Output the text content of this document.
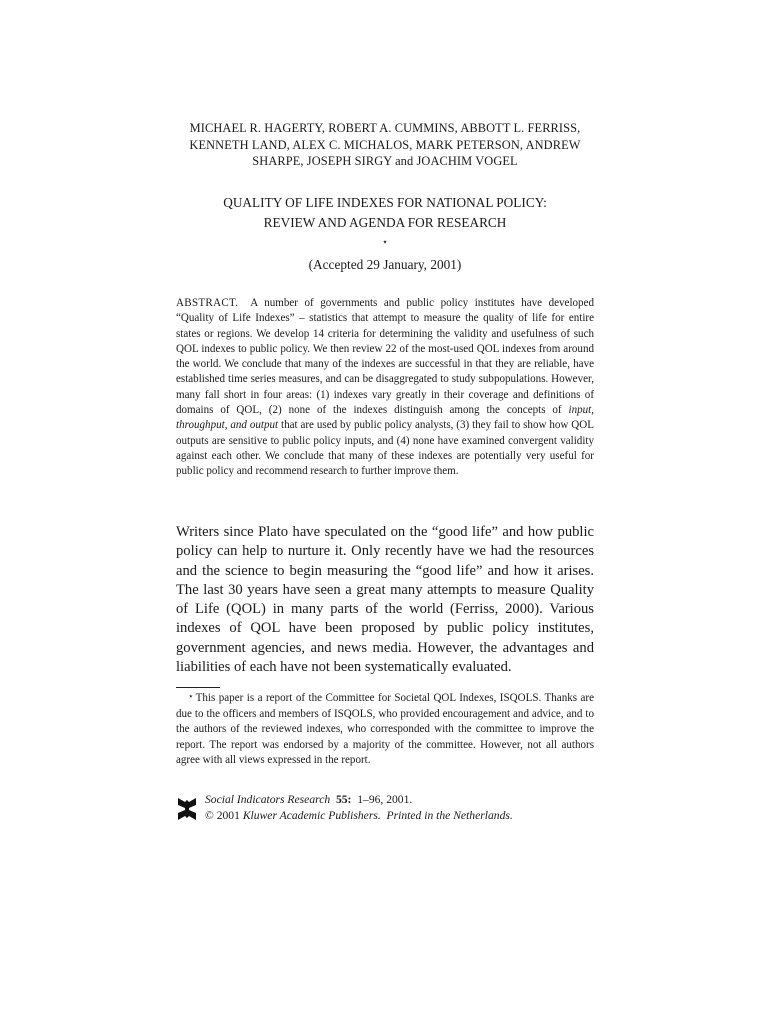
MICHAEL R. HAGERTY, ROBERT A. CUMMINS, ABBOTT L. FERRISS,
KENNETH LAND, ALEX C. MICHALOS, MARK PETERSON, ANDREW
SHARPE, JOSEPH SIRGY and JOACHIM VOGEL
QUALITY OF LIFE INDEXES FOR NATIONAL POLICY:
REVIEW AND AGENDA FOR RESEARCH
⋆
(Accepted 29 January, 2001)
ABSTRACT. A number of governments and public policy institutes have developed “Quality of Life Indexes” – statistics that attempt to measure the quality of life for entire states or regions. We develop 14 criteria for determining the validity and usefulness of such QOL indexes to public policy. We then review 22 of the most-used QOL indexes from around the world. We conclude that many of the indexes are successful in that they are reliable, have established time series measures, and can be disaggregated to study subpopulations. However, many fall short in four areas: (1) indexes vary greatly in their coverage and definitions of domains of QOL, (2) none of the indexes distinguish among the concepts of input, throughput, and output that are used by public policy analysts, (3) they fail to show how QOL outputs are sensitive to public policy inputs, and (4) none have examined convergent validity against each other. We conclude that many of these indexes are potentially very useful for public policy and recommend research to further improve them.
Writers since Plato have speculated on the “good life” and how public policy can help to nurture it. Only recently have we had the resources and the science to begin measuring the “good life” and how it arises. The last 30 years have seen a great many attempts to measure Quality of Life (QOL) in many parts of the world (Ferriss, 2000). Various indexes of QOL have been proposed by public policy institutes, government agencies, and news media. However, the advantages and liabilities of each have not been systematically evaluated.
⋆ This paper is a report of the Committee for Societal QOL Indexes, ISQOLS. Thanks are due to the officers and members of ISQOLS, who provided encouragement and advice, and to the authors of the reviewed indexes, who corresponded with the committee to improve the report. The report was endorsed by a majority of the committee. However, not all authors agree with all views expressed in the report.
Social Indicators Research 55: 1–96, 2001.
© 2001 Kluwer Academic Publishers. Printed in the Netherlands.
